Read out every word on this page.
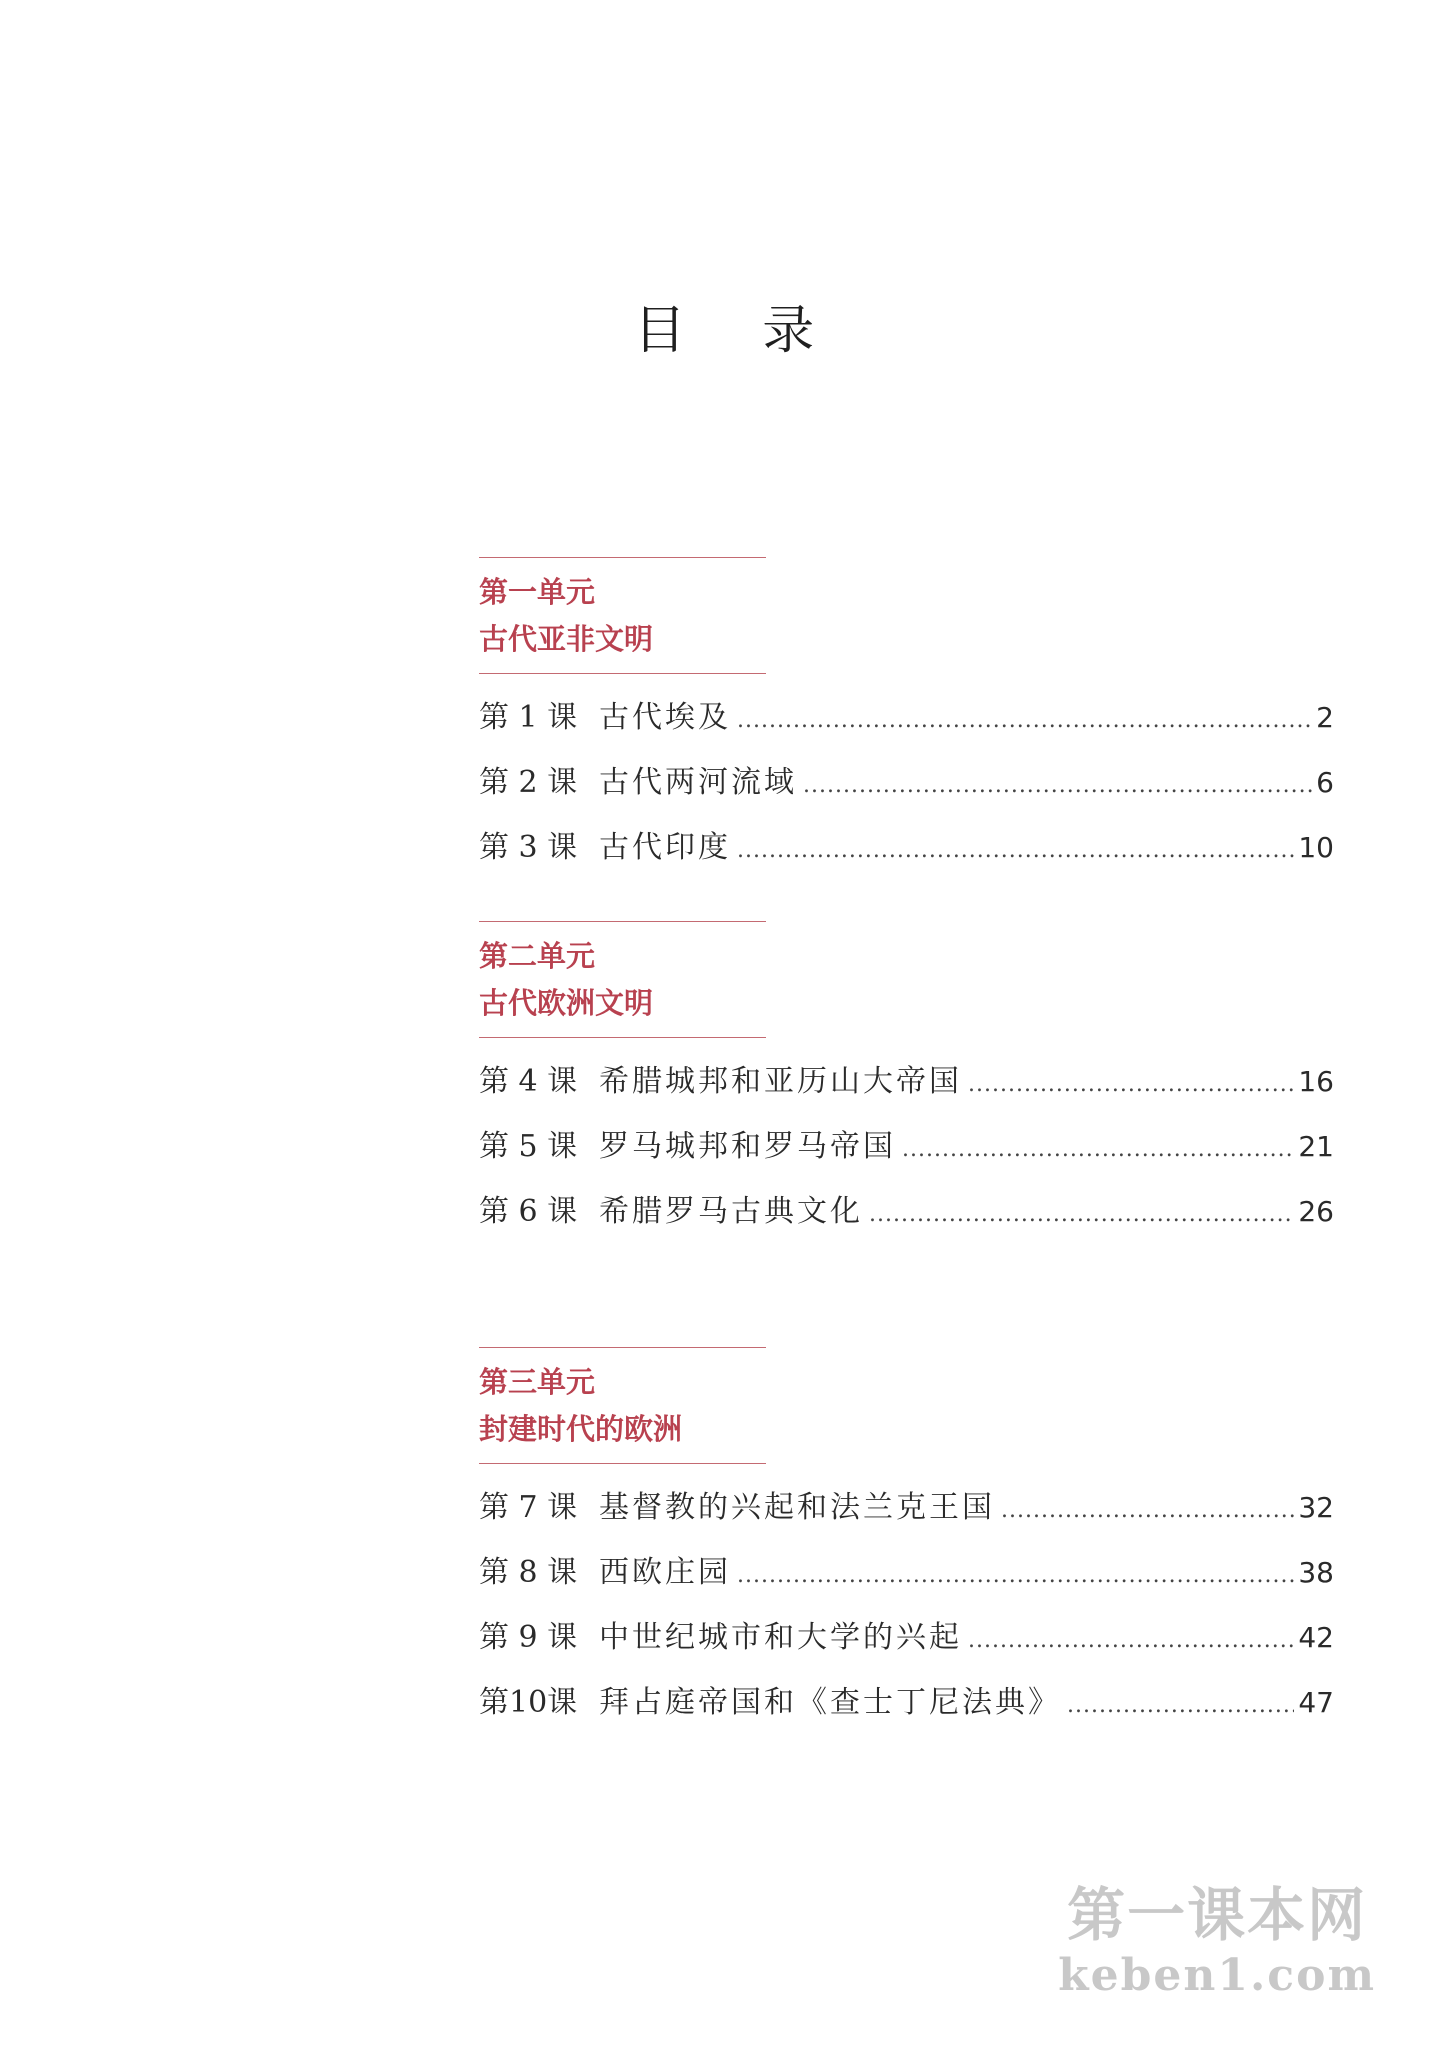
目 录
第一单元
古代亚非文明
第 1 课 古代埃及 .....	2
第 2 课 古代两河流域 .....	6
第 3 课 古代印度 .....	10
第二单元
古代欧洲文明
第 4 课 希腊城邦和亚历山大帝国 .....	16
第 5 课 罗马城邦和罗马帝国 .....	21
第 6 课 希腊罗马古典文化 .....	26
第三单元
封建时代的欧洲
第 7 课 基督教的兴起和法兰克王国 .....	32
第 8 课 西欧庄园 .....	38
第 9 课 中世纪城市和大学的兴起 .....	42
第10课 拜占庭帝国和《查士丁尼法典》 .....	47
第一课本网
keben1.com
